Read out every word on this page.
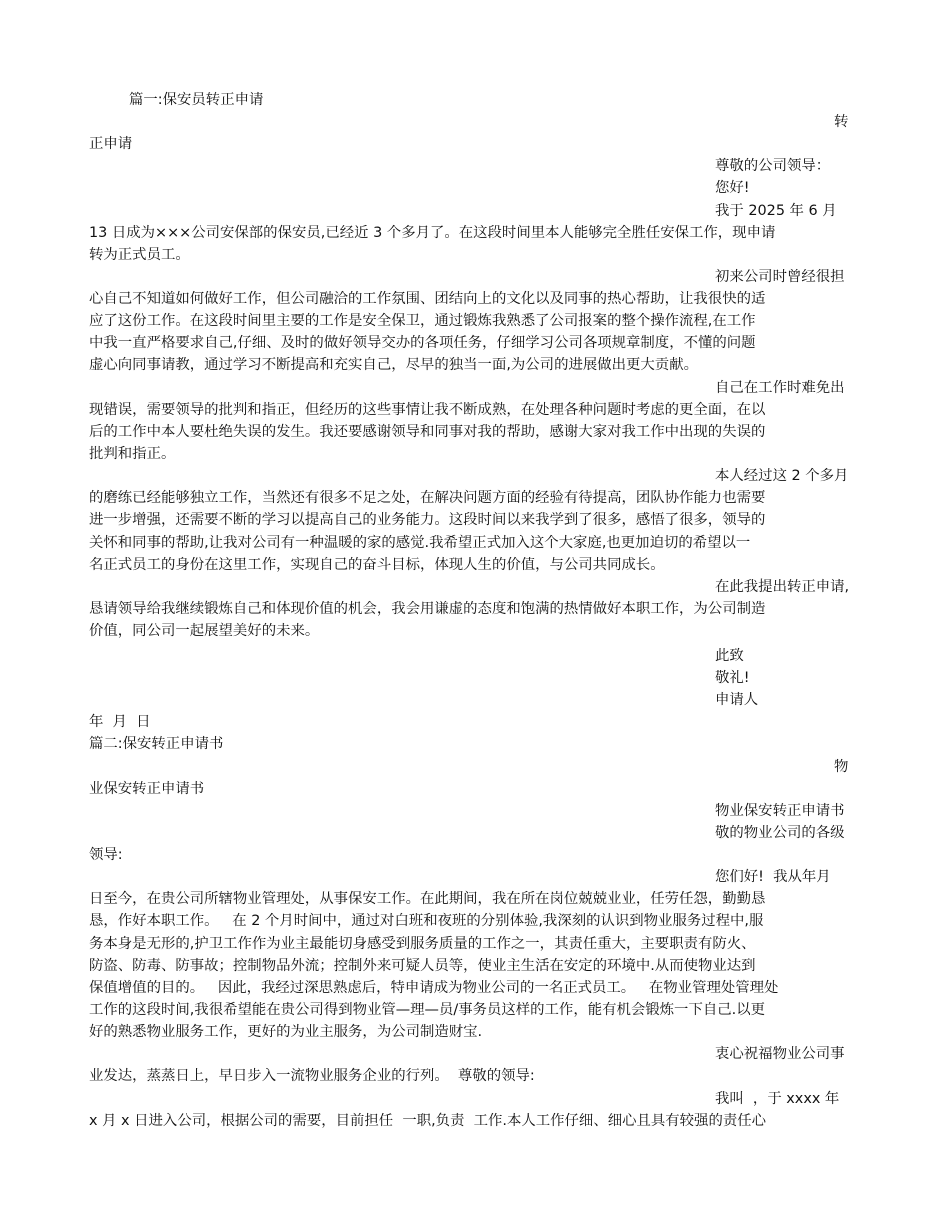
篇一:保安员转正申请
转
正申请
尊敬的公司领导：
您好!
我于 2025 年 6 月
13 日成为×××公司安保部的保安员,已经近 3 个多月了。在这段时间里本人能够完全胜任安保工作，现申请
转为正式员工。
初来公司时曾经很担
心自己不知道如何做好工作，但公司融洽的工作氛围、团结向上的文化以及同事的热心帮助，让我很快的适
应了这份工作。在这段时间里主要的工作是安全保卫，通过锻炼我熟悉了公司报案的整个操作流程,在工作
中我一直严格要求自己,仔细、及时的做好领导交办的各项任务，仔细学习公司各项规章制度，不懂的问题
虚心向同事请教，通过学习不断提高和充实自己，尽早的独当一面,为公司的进展做出更大贡献。
自己在工作时难免出
现错误，需要领导的批判和指正，但经历的这些事情让我不断成熟，在处理各种问题时考虑的更全面，在以
后的工作中本人要杜绝失误的发生。我还要感谢领导和同事对我的帮助，感谢大家对我工作中出现的失误的
批判和指正。
本人经过这 2 个多月
的磨练已经能够独立工作，当然还有很多不足之处，在解决问题方面的经验有待提高，团队协作能力也需要
进一步增强，还需要不断的学习以提高自己的业务能力。这段时间以来我学到了很多，感悟了很多，领导的
关怀和同事的帮助,让我对公司有一种温暖的家的感觉.我希望正式加入这个大家庭,也更加迫切的希望以一
名正式员工的身份在这里工作，实现自己的奋斗目标，体现人生的价值，与公司共同成长。
在此我提出转正申请,
恳请领导给我继续锻炼自己和体现价值的机会，我会用谦虚的态度和饱满的热情做好本职工作，为公司制造
价值，同公司一起展望美好的未来。
此致
敬礼!
申请人
年  月  日
篇二:保安转正申请书
物
业保安转正申请书
物业保安转正申请书
敬的物业公司的各级
领导:
您们好!  我从年月
日至今，在贵公司所辖物业管理处，从事保安工作。在此期间，我在所在岗位兢兢业业，任劳任怨，勤勤恳
恳，作好本职工作。   在 2 个月时间中，通过对白班和夜班的分别体验,我深刻的认识到物业服务过程中,服
务本身是无形的,护卫工作作为业主最能切身感受到服务质量的工作之一，其责任重大，主要职责有防火、
防盗、防毒、防事故；控制物品外流；控制外来可疑人员等，使业主生活在安定的环境中.从而使物业达到
保值增值的目的。   因此，我经过深思熟虑后，特申请成为物业公司的一名正式员工。   在物业管理处管理处
工作的这段时间,我很希望能在贵公司得到物业管—理—员/事务员这样的工作，能有机会锻炼一下自己.以更
好的熟悉物业服务工作，更好的为业主服务，为公司制造财宝.
衷心祝福物业公司事
业发达，蒸蒸日上，早日步入一流物业服务企业的行列。  尊敬的领导:
我叫  ，于 xxxx 年
x 月 x 日进入公司，根据公司的需要，目前担任  一职,负责  工作.本人工作仔细、细心且具有较强的责任心
